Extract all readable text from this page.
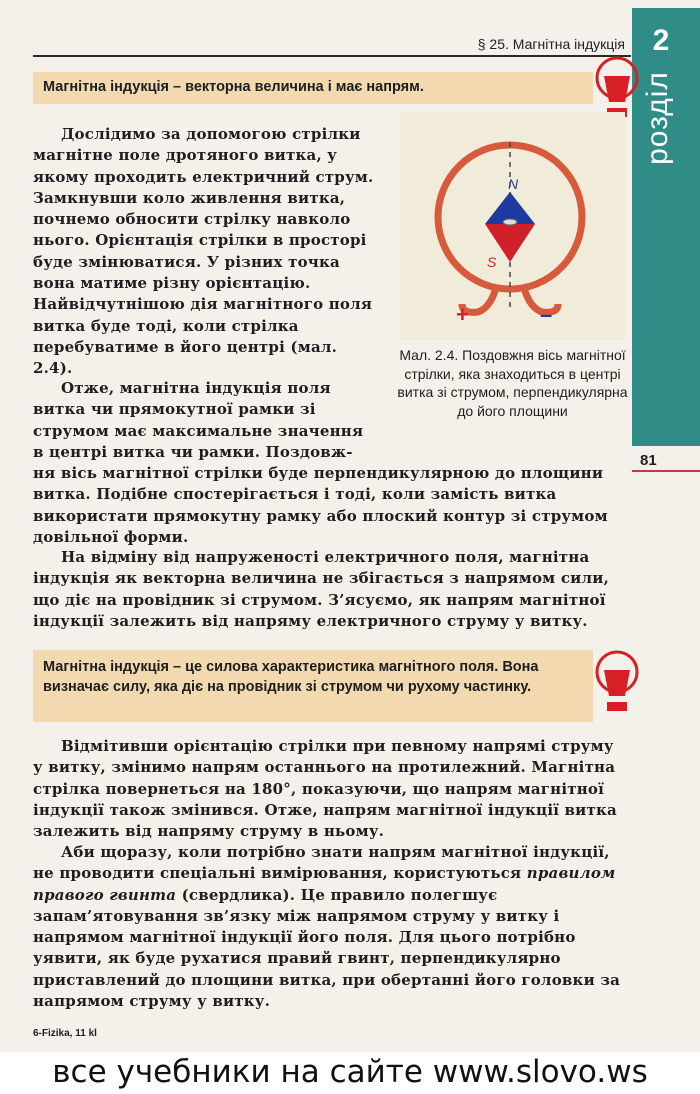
§ 25. Магнітна індукція 2
розділ
81
Магнітна індукція – векторна величина і має напрям.
Дослідимо за допомогою стрілки магнітне поле дротяного витка, у якому проходить електричний струм. Замкнувши коло живлення витка, почнемо обносити стрілку навколо нього. Орієнтація стрілки в просторі буде змінюватися. У різних точка вона матиме різну орієнтацію. Найвідчутнішою дія магнітного поля витка буде тоді, коли стрілка перебуватиме в його центрі (мал. 2.4).
N
S
+	–
Мал. 2.4. Поздовжня вісь магнітної стрілки, яка знаходиться в центрі витка зі струмом, перпендикулярна до його площини
Отже, магнітна індукція поля витка чи прямокутної рамки зі струмом має максимальне значення в центрі витка чи рамки. Поздовж-
ня вісь магнітної стрілки буде перпендикулярною до площини витка. Подібне спостерігається і тоді, коли замість витка використати прямокутну рамку або плоский контур зі струмом довільної форми.
На відміну від напруженості електричного поля, магнітна індукція як векторна величина не збігається з напрямом сили, що діє на провідник зі струмом. З’ясуємо, як напрям магнітної індукції залежить від напряму електричного струму у витку.
Магнітна індукція – це силова характеристика магнітного поля. Вона визначає силу, яка діє на провідник зі струмом чи рухому частинку.
Відмітивши орієнтацію стрілки при певному напрямі струму у витку, змінимо напрям останнього на протилежний. Магнітна стрілка повернеться на 180°, показуючи, що напрям магнітної індукції також змінився. Отже, напрям магнітної індукції витка залежить від напряму струму в ньому.
Аби щоразу, коли потрібно знати напрям магнітної індукції, не проводити спеціальні вимірювання, користуються правилом правого гвинта (свердлика). Це правило полегшує запам’ятовування зв’язку між напрямом струму у витку і напрямом магнітної індукції його поля. Для цього потрібно уявити, як буде рухатися правий гвинт, перпендикулярно приставлений до площини витка, при обертанні його головки за напрямом струму у витку.
6-Fizika, 11 kl
все учебники на сайте www.slovo.ws
